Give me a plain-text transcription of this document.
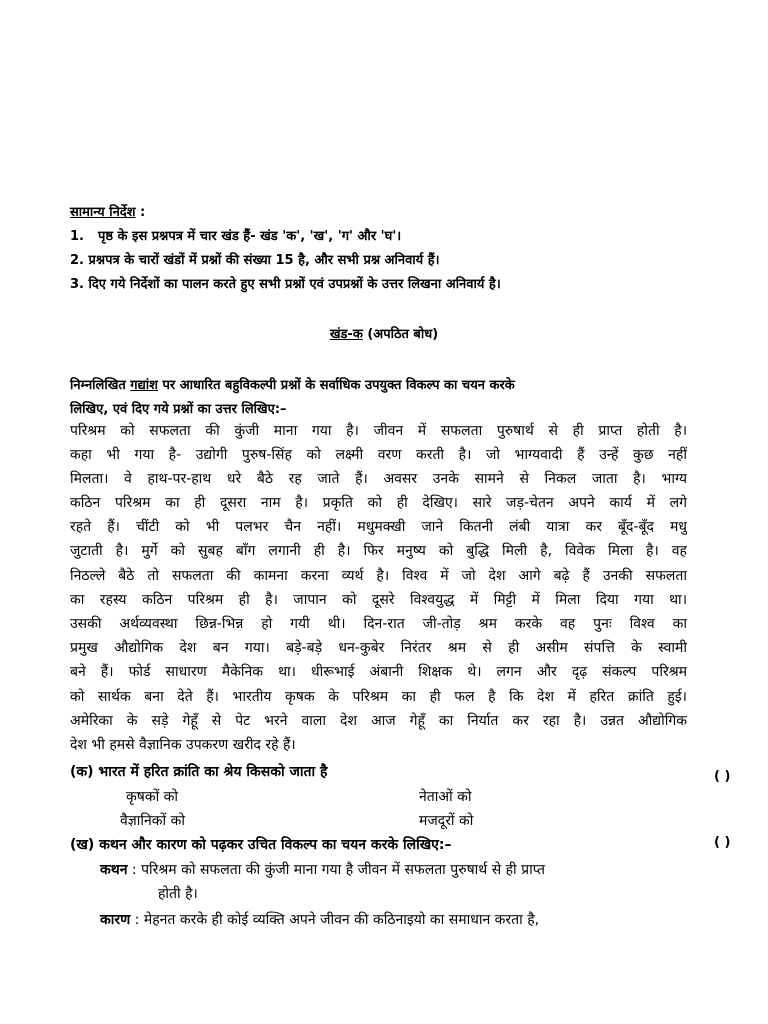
सामान्य निर्देश :
1. पृष्ठ के इस प्रश्नपत्र में चार खंड हैं- खंड 'क', 'ख', 'ग' और 'घ'।
2. प्रश्नपत्र के चारों खंडों में प्रश्नों की संख्या 15 है, और सभी प्रश्न अनिवार्य हैं।
3. दिए गये निर्देशों का पालन करते हुए सभी प्रश्नों एवं उपप्रश्नों के उत्तर लिखना अनिवार्य है।
खंड-क (अपठित बोध)
निम्नलिखित गद्यांश पर आधारित बहुविकल्पी प्रश्नों के सर्वाधिक उपयुक्त विकल्प का चयन करके
लिखिए, एवं दिए गये प्रश्नों का उत्तर लिखिए:–
परिश्रम को सफलता की कुंजी माना गया है। जीवन में सफलता पुरुषार्थ से ही प्राप्त होती है।
कहा भी गया है- उद्योगी पुरुष-सिंह को लक्ष्मी वरण करती है। जो भाग्यवादी हैं उन्हें कुछ नहीं
मिलता। वे हाथ-पर-हाथ धरे बैठे रह जाते हैं। अवसर उनके सामने से निकल जाता है। भाग्य
कठिन परिश्रम का ही दूसरा नाम है। प्रकृति को ही देखिए। सारे जड़-चेतन अपने कार्य में लगे
रहते हैं। चींटी को भी पलभर चैन नहीं। मधुमक्खी जाने कितनी लंबी यात्रा कर बूँद-बूँद मधु
जुटाती है। मुर्गे को सुबह बाँग लगानी ही है। फिर मनुष्य को बुद्धि मिली है, विवेक मिला है। वह
निठल्ले बैठे तो सफलता की कामना करना व्यर्थ है। विश्व में जो देश आगे बढ़े हैं उनकी सफलता
का रहस्य कठिन परिश्रम ही है। जापान को दूसरे विश्वयुद्ध में मिट्टी में मिला दिया गया था।
उसकी अर्थव्यवस्था छिन्न-भिन्न हो गयी थी। दिन-रात जी-तोड़ श्रम करके वह पुनः विश्व का
प्रमुख औद्योगिक देश बन गया। बड़े-बड़े धन-कुबेर निरंतर श्रम से ही असीम संपत्ति के स्वामी
बने हैं। फोर्ड साधारण मैकेनिक था। धीरूभाई अंबानी शिक्षक थे। लगन और दृढ़ संकल्प परिश्रम
को सार्थक बना देते हैं। भारतीय कृषक के परिश्रम का ही फल है कि देश में हरित क्रांति हुई।
अमेरिका के सड़े गेहूँ से पेट भरने वाला देश आज गेहूँ का निर्यात कर रहा है। उन्नत औद्योगिक
देश भी हमसे वैज्ञानिक उपकरण खरीद रहे हैं।
(क) भारत में हरित क्रांति का श्रेय किसको जाता है	( )
कृषकों को	नेताओं को
वैज्ञानिकों को	मजदूरों को
(ख) कथन और कारण को पढ़कर उचित विकल्प का चयन करके लिखिए:–	( )
कथन : परिश्रम को सफलता की कुंजी माना गया है जीवन में सफलता पुरुषार्थ से ही प्राप्त
होती है।
कारण : मेहनत करके ही कोई व्यक्ति अपने जीवन की कठिनाइयो का समाधान करता है,
